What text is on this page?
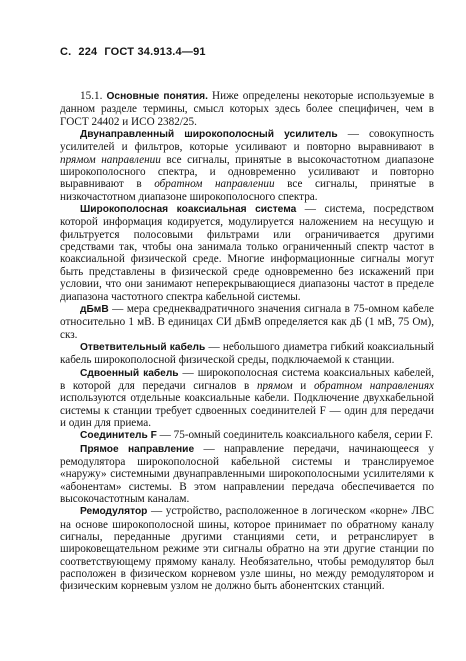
С. 224 ГОСТ 34.913.4—91

15.1. Основные понятия. Ниже определены некоторые используемые в данном разделе термины, смысл которых здесь более специфичен, чем в ГОСТ 24402 и ИСО 2382/25.

Двунаправленный широкополосный усилитель — совокупность усилителей и фильтров, которые усиливают и повторно выравнивают в прямом направлении все сигналы, принятые в высокочастотном диапазоне широкополосного спектра, и одновременно усиливают и повторно выравнивают в обратном направлении все сигналы, принятые в низкочастотном диапазоне широкополосного спектра.

Широкополосная коаксиальная система — система, посредством которой информация кодируется, модулируется наложением на несущую и фильтруется полосовыми фильтрами или ограничивается другими средствами так, чтобы она занимала только ограниченный спектр частот в коаксиальной физической среде. Многие информационные сигналы могут быть представлены в физической среде одновременно без искажений при условии, что они занимают неперекрывающиеся диапазоны частот в пределе диапазона частотного спектра кабельной системы.

дБмВ — мера среднеквадратичного значения сигнала в 75-омном кабеле относительно 1 мВ. В единицах СИ дБмВ определяется как дБ (1 мВ, 75 Ом), скз.

Ответвительный кабель — небольшого диаметра гибкий коаксиальный кабель широкополосной физической среды, подключаемой к станции.

Сдвоенный кабель — широкополосная система коаксиальных кабелей, в которой для передачи сигналов в прямом и обратном направлениях используются отдельные коаксиальные кабели. Подключение двухкабельной системы к станции требует сдвоенных соединителей F — один для передачи и один для приема.

Соединитель F — 75-омный соединитель коаксиального кабеля, серии F.

Прямое направление — направление передачи, начинающееся у ремодулятора широкополосной кабельной системы и транслируемое «наружу» системными двунаправленными широкополосными усилителями к «абонентам» системы. В этом направлении передача обеспечивается по высокочастотным каналам.

Ремодулятор — устройство, расположенное в логическом «корне» ЛВС на основе широкополосной шины, которое принимает по обратному каналу сигналы, переданные другими станциями сети, и ретранслирует в широковещательном режиме эти сигналы обратно на эти другие станции по соответствующему прямому каналу. Необязательно, чтобы ремодулятор был расположен в физическом корневом узле шины, но между ремодулятором и физическим корневым узлом не должно быть абонентских станций.
